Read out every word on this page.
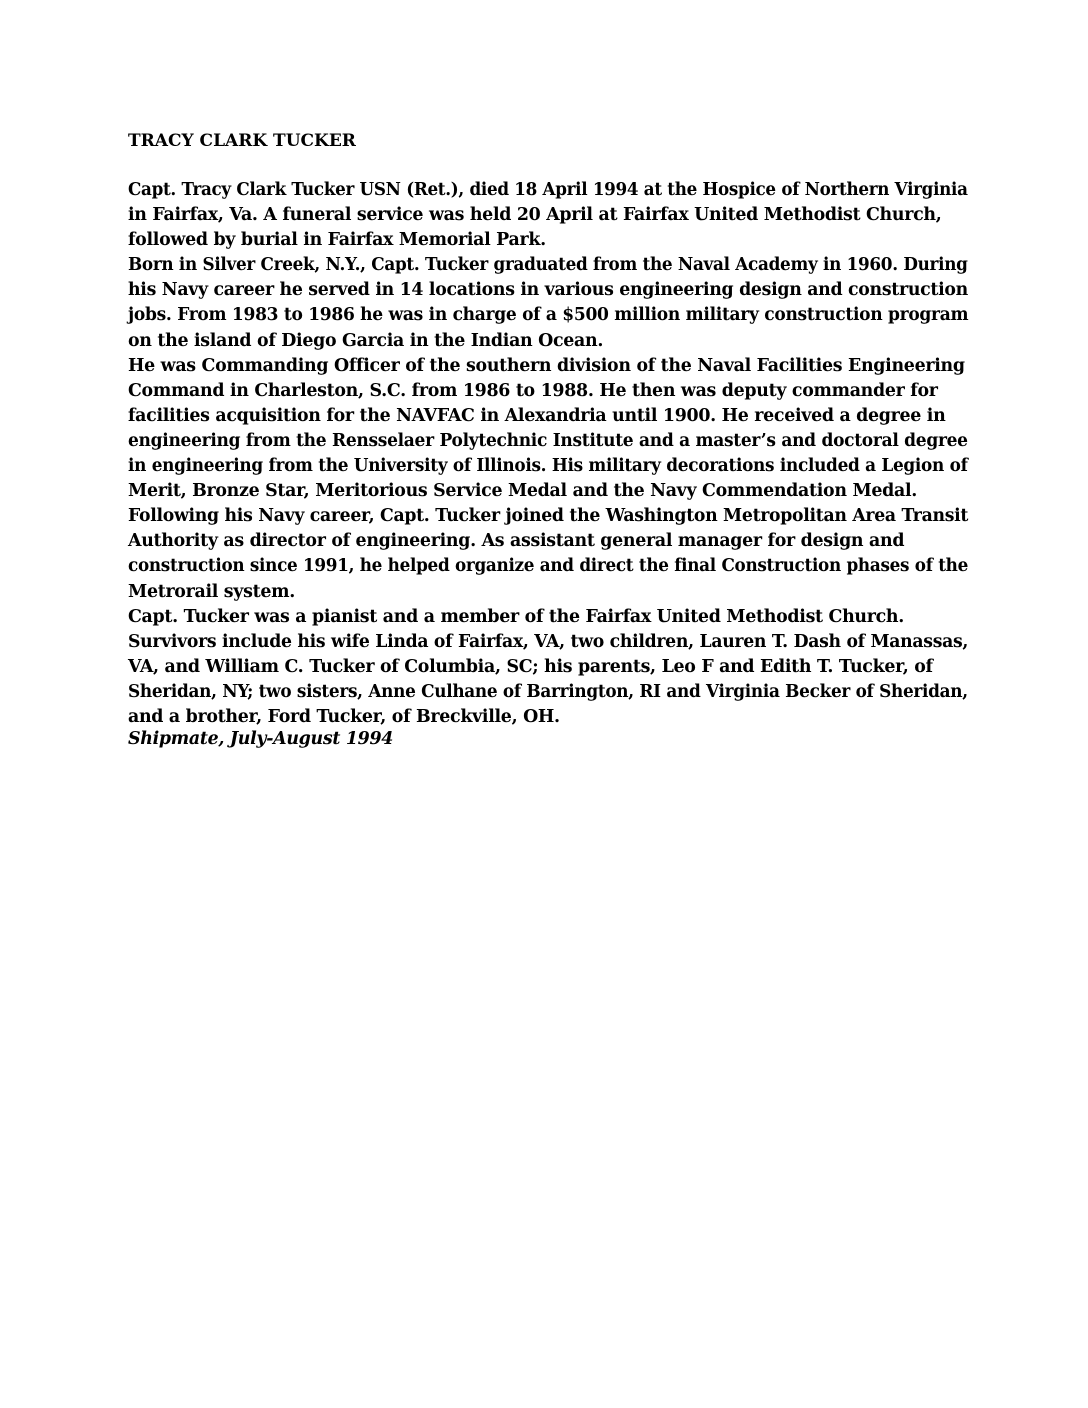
TRACY CLARK TUCKER
Capt. Tracy Clark Tucker USN (Ret.), died 18 April 1994 at the Hospice of Northern Virginia
in Fairfax, Va. A funeral service was held 20 April at Fairfax United Methodist Church,
followed by burial in Fairfax Memorial Park.
Born in Silver Creek, N.Y., Capt. Tucker graduated from the Naval Academy in 1960. During
his Navy career he served in 14 locations in various engineering design and construction
jobs. From 1983 to 1986 he was in charge of a $500 million military construction program
on the island of Diego Garcia in the Indian Ocean.
He was Commanding Officer of the southern division of the Naval Facilities Engineering
Command in Charleston, S.C. from 1986 to 1988. He then was deputy commander for
facilities acquisition for the NAVFAC in Alexandria until 1900. He received a degree in
engineering from the Rensselaer Polytechnic Institute and a master’s and doctoral degree
in engineering from the University of Illinois. His military decorations included a Legion of
Merit, Bronze Star, Meritorious Service Medal and the Navy Commendation Medal.
Following his Navy career, Capt. Tucker joined the Washington Metropolitan Area Transit
Authority as director of engineering. As assistant general manager for design and
construction since 1991, he helped organize and direct the final Construction phases of the
Metrorail system.
Capt. Tucker was a pianist and a member of the Fairfax United Methodist Church.
Survivors include his wife Linda of Fairfax, VA, two children, Lauren T. Dash of Manassas,
VA, and William C. Tucker of Columbia, SC; his parents, Leo F and Edith T. Tucker, of
Sheridan, NY; two sisters, Anne Culhane of Barrington, RI and Virginia Becker of Sheridan,
and a brother, Ford Tucker, of Breckville, OH.
Shipmate, July-August 1994
